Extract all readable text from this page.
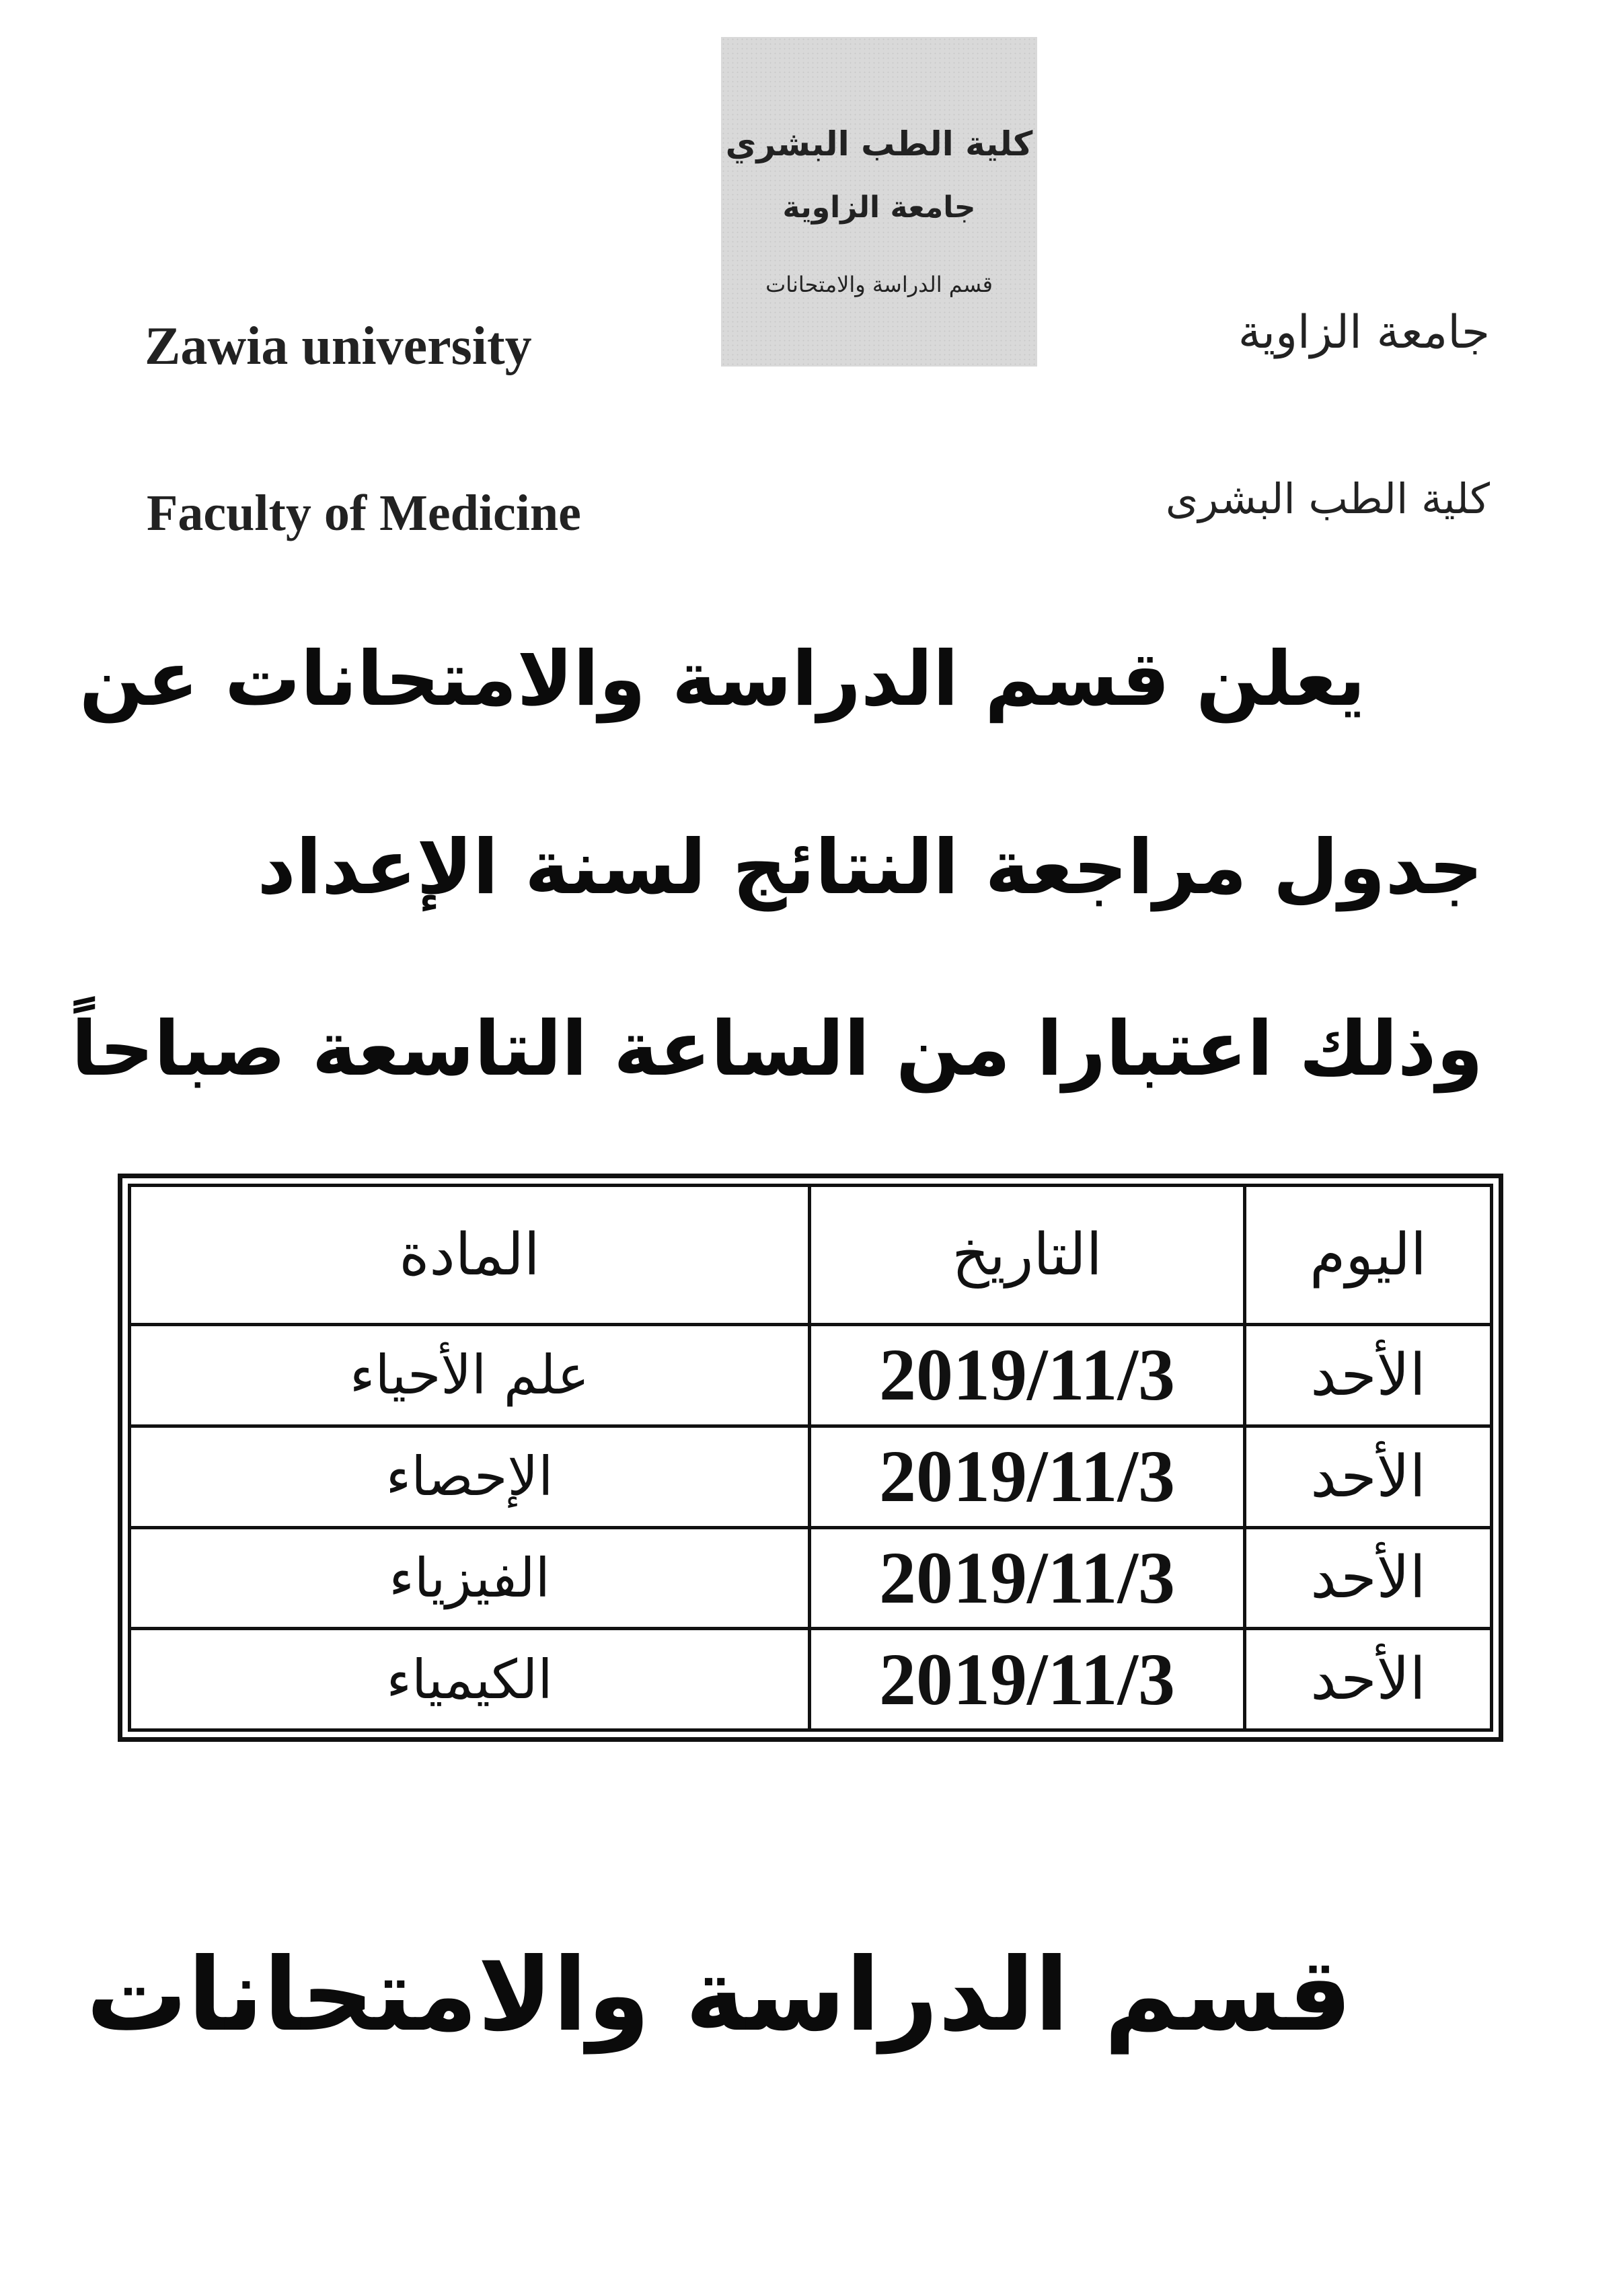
كلية الطب البشري
جامعة الزاوية
قسم الدراسة والامتحانات
Zawia university
Faculty of Medicine
جامعة الزاوية
كلية الطب البشرى
يعلن قسم الدراسة والامتحانات عن
جدول مراجعة النتائج لسنة الإعداد
وذلك اعتبارا من الساعة التاسعة صباحاً
اليوم	التاريخ	المادة
الأحد	2019/11/3	علم الأحياء
الأحد	2019/11/3	الإحصاء
الأحد	2019/11/3	الفيزياء
الأحد	2019/11/3	الكيمياء
قسم الدراسة والامتحانات
